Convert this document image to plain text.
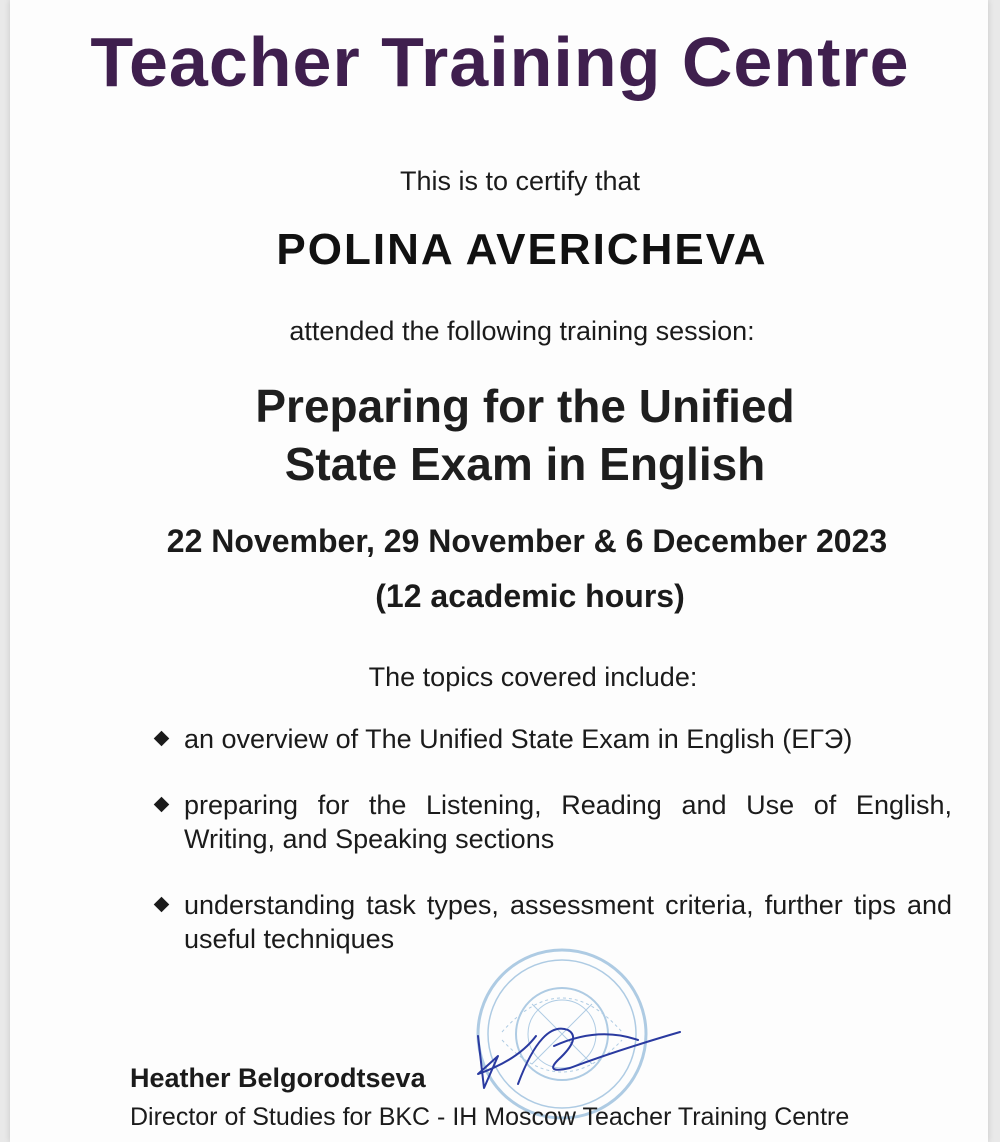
Teacher Training Centre
This is to certify that
POLINA AVERICHEVA
attended the following training session:
Preparing for the Unified
State Exam in English
22 November, 29 November & 6 December 2023
(12 academic hours)
The topics covered include:
an overview of The Unified State Exam in English (ЕГЭ)
preparing for the Listening, Reading and Use of English, Writing, and Speaking sections
understanding task types, assessment criteria, further tips and useful techniques
Heather Belgorodtseva
Director of Studies for BKC - IH Moscow Teacher Training Centre
